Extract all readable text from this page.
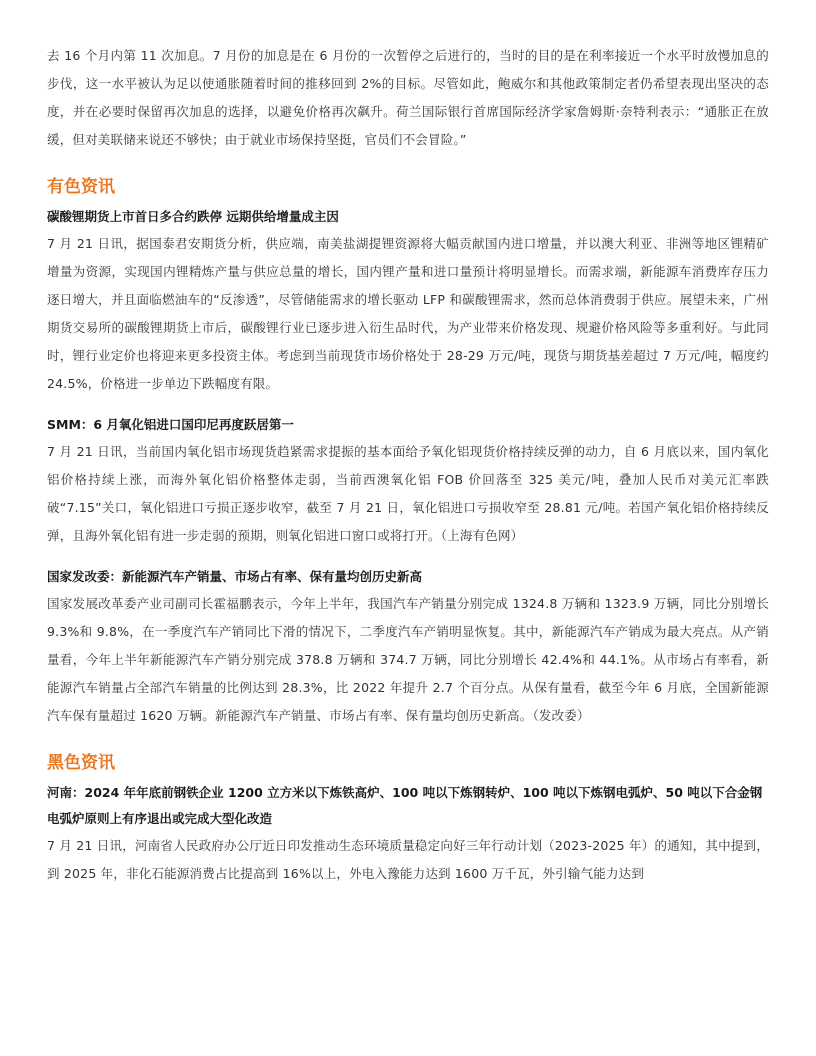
去 16 个月内第 11 次加息。7 月份的加息是在 6 月份的一次暂停之后进行的，当时的目的是在利率接近一个水平时放慢加息的步伐，这一水平被认为足以使通胀随着时间的推移回到 2%的目标。尽管如此，鲍威尔和其他政策制定者仍希望表现出坚决的态度，并在必要时保留再次加息的选择，以避免价格再次飙升。荷兰国际银行首席国际经济学家詹姆斯·奈特利表示：“通胀正在放缓，但对美联储来说还不够快；由于就业市场保持坚挺，官员们不会冒险。”

有色资讯
碳酸锂期货上市首日多合约跌停 远期供给增量成主因

7 月 21 日讯，据国泰君安期货分析，供应端，南美盐湖提锂资源将大幅贡献国内进口增量，并以澳大利亚、非洲等地区锂精矿增量为资源，实现国内锂精炼产量与供应总量的增长，国内锂产量和进口量预计将明显增长。而需求端，新能源车消费库存压力逐日增大，并且面临燃油车的“反渗透”，尽管储能需求的增长驱动 LFP 和碳酸锂需求，然而总体消费弱于供应。展望未来，广州期货交易所的碳酸锂期货上市后，碳酸锂行业已逐步进入衍生品时代，为产业带来价格发现、规避价格风险等多重利好。与此同时，锂行业定价也将迎来更多投资主体。考虑到当前现货市场价格处于 28-29 万元/吨，现货与期货基差超过 7 万元/吨，幅度约 24.5%，价格进一步单边下跌幅度有限。

SMM：6 月氧化铝进口国印尼再度跃居第一

7 月 21 日讯，当前国内氧化铝市场现货趋紧需求提振的基本面给予氧化铝现货价格持续反弹的动力，自 6 月底以来，国内氧化铝价格持续上涨，而海外氧化铝价格整体走弱，当前西澳氧化铝 FOB 价回落至 325 美元/吨，叠加人民币对美元汇率跌破“7.15”关口，氧化铝进口亏损正逐步收窄，截至 7 月 21 日，氧化铝进口亏损收窄至 28.81 元/吨。若国产氧化铝价格持续反弹，且海外氧化铝有进一步走弱的预期，则氧化铝进口窗口或将打开。（上海有色网）

国家发改委：新能源汽车产销量、市场占有率、保有量均创历史新高

国家发展改革委产业司副司长霍福鹏表示，今年上半年，我国汽车产销量分别完成 1324.8 万辆和 1323.9 万辆，同比分别增长 9.3%和 9.8%，在一季度汽车产销同比下滑的情况下，二季度汽车产销明显恢复。其中，新能源汽车产销成为最大亮点。从产销量看，今年上半年新能源汽车产销分别完成 378.8 万辆和 374.7 万辆，同比分别增长 42.4%和 44.1%。从市场占有率看，新能源汽车销量占全部汽车销量的比例达到 28.3%，比 2022 年提升 2.7 个百分点。从保有量看，截至今年 6 月底，全国新能源汽车保有量超过 1620 万辆。新能源汽车产销量、市场占有率、保有量均创历史新高。（发改委）

黑色资讯
河南：2024 年年底前钢铁企业 1200 立方米以下炼铁高炉、100 吨以下炼钢转炉、100 吨以下炼钢电弧炉、50 吨以下合金钢电弧炉原则上有序退出或完成大型化改造

7 月 21 日讯，河南省人民政府办公厅近日印发推动生态环境质量稳定向好三年行动计划（2023-2025 年）的通知，其中提到，到 2025 年，非化石能源消费占比提高到 16%以上，外电入豫能力达到 1600 万千瓦，外引输气能力达到
